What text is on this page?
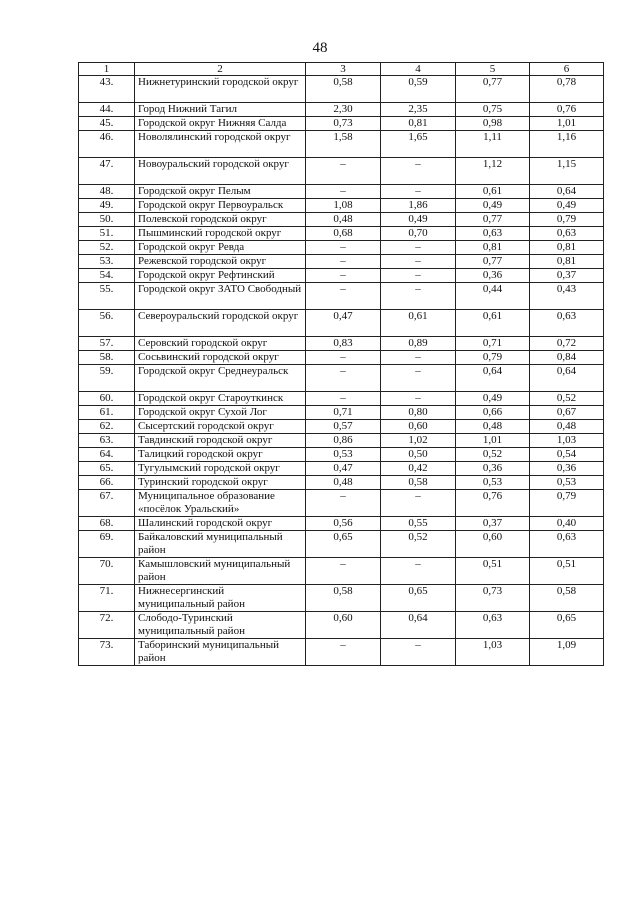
48
1	2	3	4	5	6
43.	Нижнетуринский городской округ	0,58	0,59	0,77	0,78
44.	Город Нижний Тагил	2,30	2,35	0,75	0,76
45.	Городской округ Нижняя Салда	0,73	0,81	0,98	1,01
46.	Новолялинский городской округ	1,58	1,65	1,11	1,16
47.	Новоуральский городской округ	–	–	1,12	1,15
48.	Городской округ Пелым	–	–	0,61	0,64
49.	Городской округ Первоуральск	1,08	1,86	0,49	0,49
50.	Полевской городской округ	0,48	0,49	0,77	0,79
51.	Пышминский городской округ	0,68	0,70	0,63	0,63
52.	Городской округ Ревда	–	–	0,81	0,81
53.	Режевской городской округ	–	–	0,77	0,81
54.	Городской округ Рефтинский	–	–	0,36	0,37
55.	Городской округ ЗАТО Свободный	–	–	0,44	0,43
56.	Североуральский городской округ	0,47	0,61	0,61	0,63
57.	Серовский городской округ	0,83	0,89	0,71	0,72
58.	Сосьвинский городской округ	–	–	0,79	0,84
59.	Городской округ Среднеуральск	–	–	0,64	0,64
60.	Городской округ Староуткинск	–	–	0,49	0,52
61.	Городской округ Сухой Лог	0,71	0,80	0,66	0,67
62.	Сысертский городской округ	0,57	0,60	0,48	0,48
63.	Тавдинский городской округ	0,86	1,02	1,01	1,03
64.	Талицкий городской округ	0,53	0,50	0,52	0,54
65.	Тугулымский городской округ	0,47	0,42	0,36	0,36
66.	Туринский городской округ	0,48	0,58	0,53	0,53
67.	Муниципальное образование «посёлок Уральский»	–	–	0,76	0,79
68.	Шалинский городской округ	0,56	0,55	0,37	0,40
69.	Байкаловский муниципальный район	0,65	0,52	0,60	0,63
70.	Камышловский муниципальный район	–	–	0,51	0,51
71.	Нижнесергинский муниципальный район	0,58	0,65	0,73	0,58
72.	Слободо-Туринский муниципальный район	0,60	0,64	0,63	0,65
73.	Таборинский муниципальный район	–	–	1,03	1,09
